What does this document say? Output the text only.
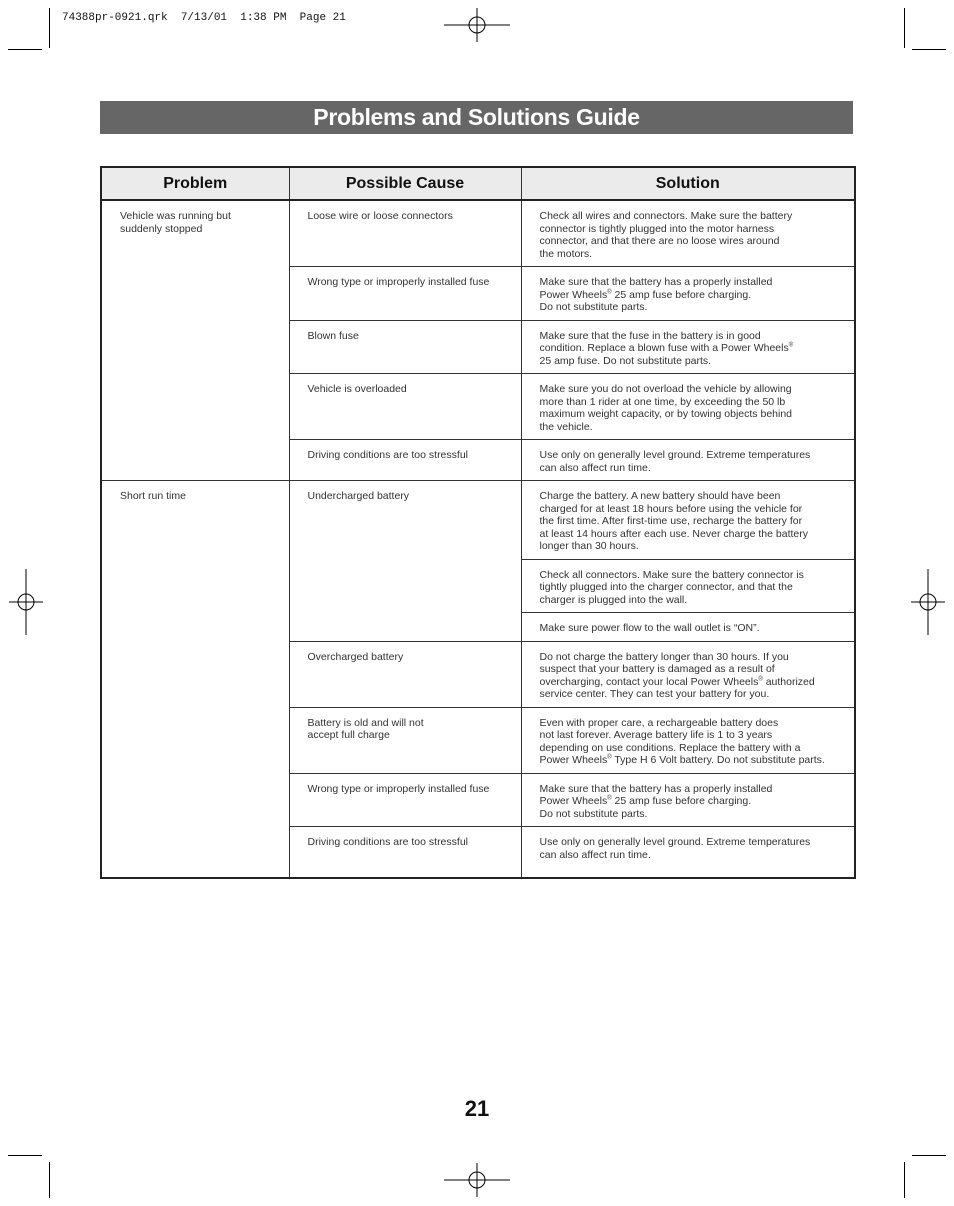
74388pr-0921.qrk  7/13/01  1:38 PM  Page 21
Problems and Solutions Guide
Problem	Possible Cause	Solution
Vehicle was running but
suddenly stopped	Loose wire or loose connectors	Check all wires and connectors. Make sure the battery
connector is tightly plugged into the motor harness
connector, and that there are no loose wires around
the motors.
	Wrong type or improperly installed fuse	Make sure that the battery has a properly installed
Power Wheels® 25 amp fuse before charging.
Do not substitute parts.
	Blown fuse	Make sure that the fuse in the battery is in good
condition. Replace a blown fuse with a Power Wheels®
25 amp fuse. Do not substitute parts.
	Vehicle is overloaded	Make sure you do not overload the vehicle by allowing
more than 1 rider at one time, by exceeding the 50 lb
maximum weight capacity, or by towing objects behind
the vehicle.
	Driving conditions are too stressful	Use only on generally level ground. Extreme temperatures
can also affect run time.
Short run time	Undercharged battery	Charge the battery. A new battery should have been
charged for at least 18 hours before using the vehicle for
the first time. After first-time use, recharge the battery for
at least 14 hours after each use. Never charge the battery
longer than 30 hours.
		Check all connectors. Make sure the battery connector is
tightly plugged into the charger connector, and that the
charger is plugged into the wall.
		Make sure power flow to the wall outlet is “ON”.
	Overcharged battery	Do not charge the battery longer than 30 hours. If you
suspect that your battery is damaged as a result of
overcharging, contact your local Power Wheels® authorized
service center. They can test your battery for you.
	Battery is old and will not
accept full charge	Even with proper care, a rechargeable battery does
not last forever. Average battery life is 1 to 3 years
depending on use conditions. Replace the battery with a
Power Wheels® Type H 6 Volt battery. Do not substitute parts.
	Wrong type or improperly installed fuse	Make sure that the battery has a properly installed
Power Wheels® 25 amp fuse before charging.
Do not substitute parts.
	Driving conditions are too stressful	Use only on generally level ground. Extreme temperatures
can also affect run time.
21
